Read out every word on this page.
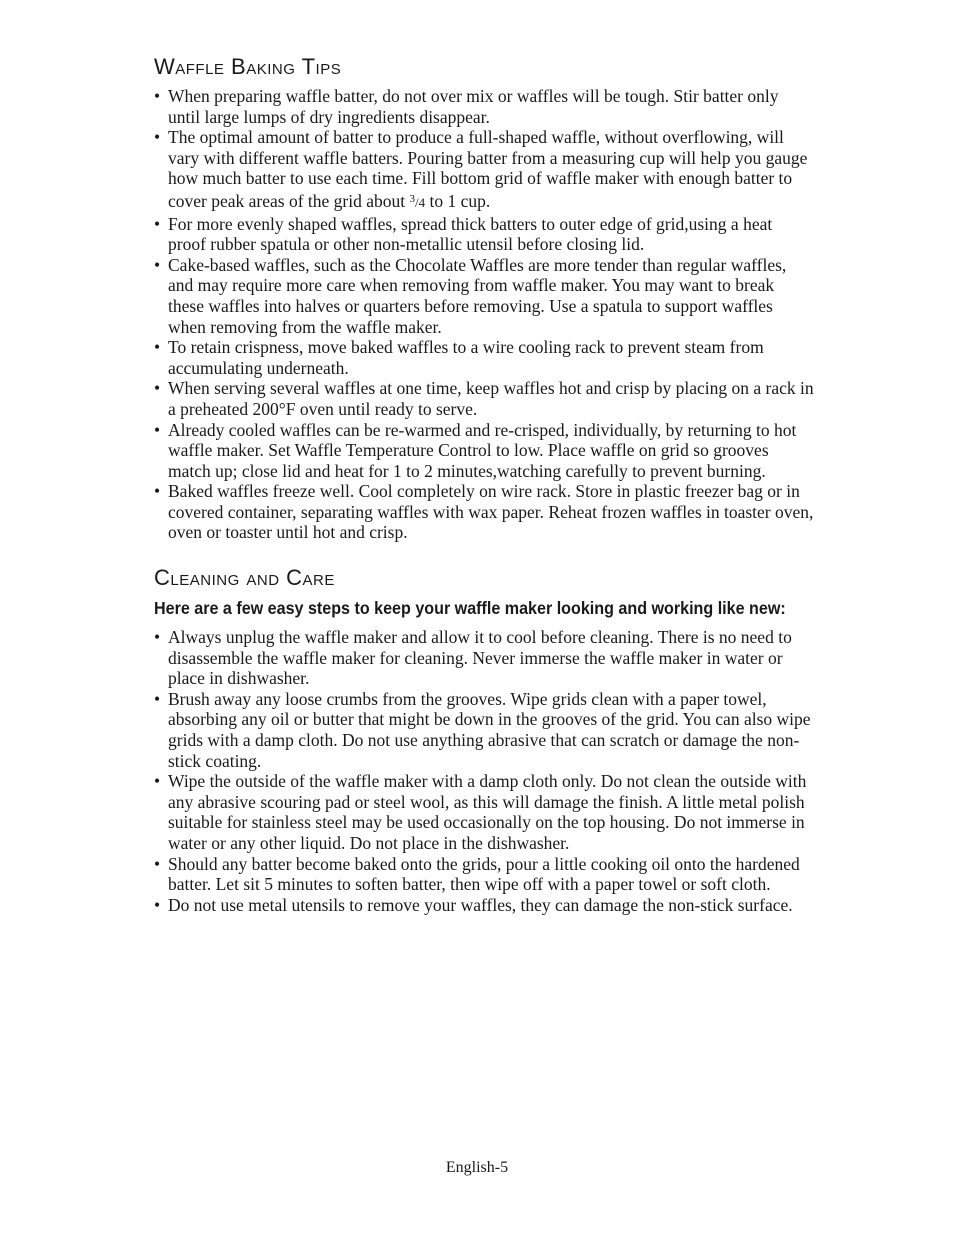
Waffle Baking Tips
• When preparing waffle batter, do not over mix or waffles will be tough. Stir batter only until large lumps of dry ingredients disappear.
• The optimal amount of batter to produce a full-shaped waffle, without overflowing, will vary with different waffle batters. Pouring batter from a measuring cup will help you gauge how much batter to use each time. Fill bottom grid of waffle maker with enough batter to cover peak areas of the grid about $^3$/4 to 1 cup.
• For more evenly shaped waffles, spread thick batters to outer edge of grid,using a heat proof rubber spatula or other non-metallic utensil before closing lid.
• Cake-based waffles, such as the Chocolate Waffles are more tender than regular waffles, and may require more care when removing from waffle maker. You may want to break these waffles into halves or quarters before removing. Use a spatula to support waffles when removing from the waffle maker.
• To retain crispness, move baked waffles to a wire cooling rack to prevent steam from accumulating underneath.
• When serving several waffles at one time, keep waffles hot and crisp by placing on a rack in a preheated 200°F oven until ready to serve.
• Already cooled waffles can be re-warmed and re-crisped, individually, by returning to hot waffle maker. Set Waffle Temperature Control to low. Place waffle on grid so grooves match up; close lid and heat for 1 to 2 minutes,watching carefully to prevent burning.
• Baked waffles freeze well. Cool completely on wire rack. Store in plastic freezer bag or in covered container, separating waffles with wax paper. Reheat frozen waffles in toaster oven, oven or toaster until hot and crisp.
Cleaning and Care
Here are a few easy steps to keep your waffle maker looking and working like new:
• Always unplug the waffle maker and allow it to cool before cleaning. There is no need to disassemble the waffle maker for cleaning. Never immerse the waffle maker in water or place in dishwasher.
• Brush away any loose crumbs from the grooves. Wipe grids clean with a paper towel, absorbing any oil or butter that might be down in the grooves of the grid. You can also wipe grids with a damp cloth. Do not use anything abrasive that can scratch or damage the non-stick coating.
• Wipe the outside of the waffle maker with a damp cloth only. Do not clean the outside with any abrasive scouring pad or steel wool, as this will damage the finish. A little metal polish suitable for stainless steel may be used occasionally on the top housing. Do not immerse in water or any other liquid. Do not place in the dishwasher.
• Should any batter become baked onto the grids, pour a little cooking oil onto the hardened batter. Let sit 5 minutes to soften batter, then wipe off with a paper towel or soft cloth.
• Do not use metal utensils to remove your waffles, they can damage the non-stick surface.
English-5
